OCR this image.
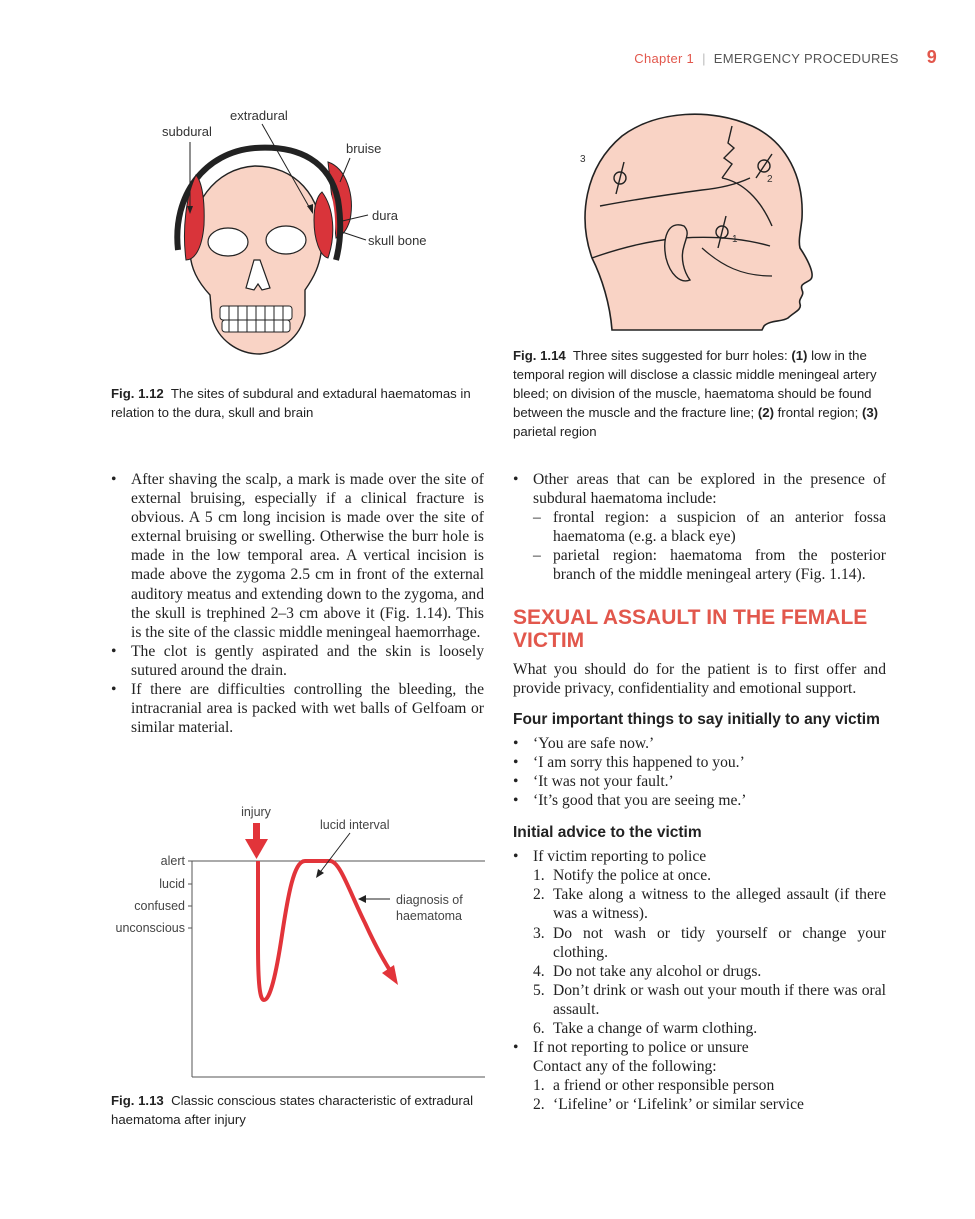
Chapter 1 | EMERGENCY PROCEDURES 9
subdural
extradural
bruise
dura
skull bone
Fig. 1.12 The sites of subdural and extadural haematomas in relation to the dura, skull and brain
1
2
3
Fig. 1.14 Three sites suggested for burr holes: (1) low in the temporal region will disclose a classic middle meningeal artery bleed; on division of the muscle, haematoma should be found between the muscle and the fracture line; (2) frontal region; (3) parietal region
• After shaving the scalp, a mark is made over the site of external bruising, especially if a clinical fracture is obvious. A 5 cm long incision is made over the site of external bruising or swelling. Otherwise the burr hole is made in the low temporal area. A vertical incision is made above the zygoma 2.5 cm in front of the external auditory meatus and extending down to the zygoma, and the skull is trephined 2–3 cm above it (Fig. 1.14). This is the site of the classic middle meningeal haemorrhage.
• The clot is gently aspirated and the skin is loosely sutured around the drain.
• If there are difficulties controlling the bleeding, the intracranial area is packed with wet balls of Gelfoam or similar material.
alert
lucid
confused
unconscious
injury
lucid interval
diagnosis of
haematoma
Fig. 1.13 Classic conscious states characteristic of extradural haematoma after injury
• Other areas that can be explored in the presence of subdural haematoma include:
– frontal region: a suspicion of an anterior fossa haematoma (e.g. a black eye)
– parietal region: haematoma from the posterior branch of the middle meningeal artery (Fig. 1.14).
SEXUAL ASSAULT IN THE FEMALE VICTIM
What you should do for the patient is to first offer and provide privacy, confidentiality and emotional support.
Four important things to say initially to any victim
• ‘You are safe now.’
• ‘I am sorry this happened to you.’
• ‘It was not your fault.’
• ‘It’s good that you are seeing me.’
Initial advice to the victim
• If victim reporting to police
1. Notify the police at once.
2. Take along a witness to the alleged assault (if there was a witness).
3. Do not wash or tidy yourself or change your clothing.
4. Do not take any alcohol or drugs.
5. Don’t drink or wash out your mouth if there was oral assault.
6. Take a change of warm clothing.
• If not reporting to police or unsure
Contact any of the following:
1. a friend or other responsible person
2. ‘Lifeline’ or ‘Lifelink’ or similar service
